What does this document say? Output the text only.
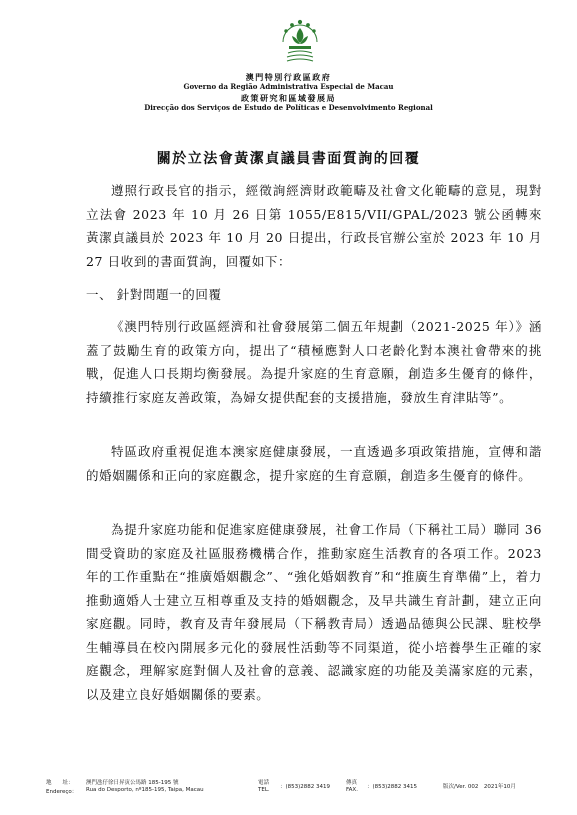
澳門特別行政區政府
Governo da Região Administrativa Especial de Macau
政策研究和區域發展局
Direcção dos Serviços de Estudo de Políticas e Desenvolvimento Regional
關於立法會黃潔貞議員書面質詢的回覆

遵照行政長官的指示，經徵詢經濟財政範疇及社會文化範疇的意見，現對立法會 2023 年 10 月 26 日第 1055/E815/VII/GPAL/2023 號公函轉來黃潔貞議員於 2023 年 10 月 20 日提出，行政長官辦公室於 2023 年 10 月 27 日收到的書面質詢，回覆如下：

一、 針對問題一的回覆

《澳門特別行政區經濟和社會發展第二個五年規劃（2021-2025 年）》涵蓋了鼓勵生育的政策方向，提出了“積極應對人口老齡化對本澳社會帶來的挑戰，促進人口長期均衡發展。為提升家庭的生育意願，創造多生優育的條件，持續推行家庭友善政策，為婦女提供配套的支援措施，發放生育津貼等”。

特區政府重視促進本澳家庭健康發展，一直透過多項政策措施，宣傳和諧的婚姻關係和正向的家庭觀念，提升家庭的生育意願，創造多生優育的條件。

為提升家庭功能和促進家庭健康發展，社會工作局（下稱社工局）聯同 36 間受資助的家庭及社區服務機構合作，推動家庭生活教育的各項工作。2023 年的工作重點在“推廣婚姻觀念”、“強化婚姻教育”和“推廣生育準備”上，着力推動適婚人士建立互相尊重及支持的婚姻觀念，及早共識生育計劃，建立正向家庭觀。同時，教育及青年發展局（下稱教青局）透過品德與公民課、駐校學生輔導員在校內開展多元化的發展性活動等不同渠道，從小培養學生正確的家庭觀念，理解家庭對個人及社會的意義、認識家庭的功能及美滿家庭的元素，以及建立良好婚姻關係的要素。

地　　址： 澳門氹仔徐日昇寅公馬路 185-195 號
Endereço： Rua do Desporto, nº185-195, Taipa, Macau
電話
TEL. ：(853)2882 3419
傳真
FAX. ：(853)2882 3415	版次/Ver. 002　2021年10月
